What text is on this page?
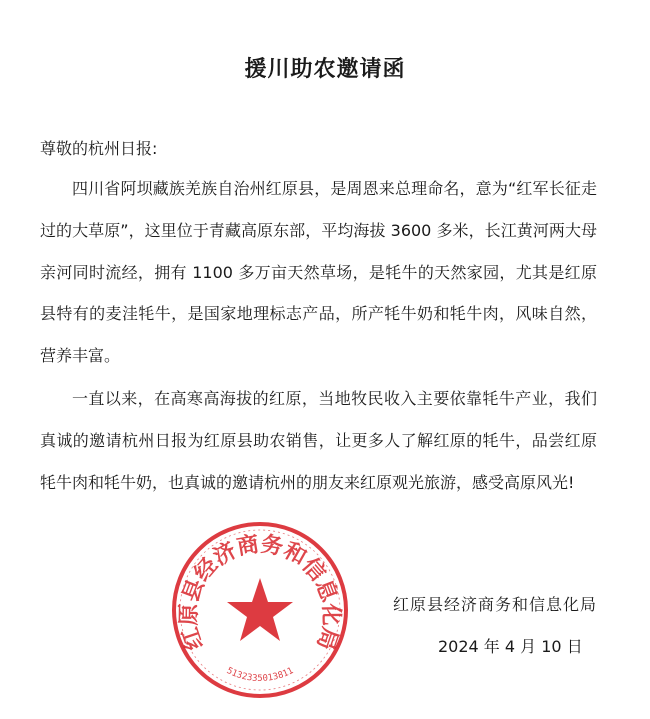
援川助农邀请函
尊敬的杭州日报:

四川省阿坝藏族羌族自治州红原县，是周恩来总理命名，意为“红军长征走过的大草原”，这里位于青藏高原东部，平均海拔 3600 多米，长江黄河两大母亲河同时流经，拥有 1100 多万亩天然草场，是牦牛的天然家园，尤其是红原县特有的麦洼牦牛，是国家地理标志产品，所产牦牛奶和牦牛肉，风味自然，营养丰富。

一直以来，在高寒高海拔的红原，当地牧民收入主要依靠牦牛产业，我们真诚的邀请杭州日报为红原县助农销售，让更多人了解红原的牦牛，品尝红原牦牛肉和牦牛奶，也真诚的邀请杭州的朋友来红原观光旅游，感受高原风光!

红原县经济商务和信息化局
5132335013811
红原县经济商务和信息化局
2024 年 4 月 10 日
